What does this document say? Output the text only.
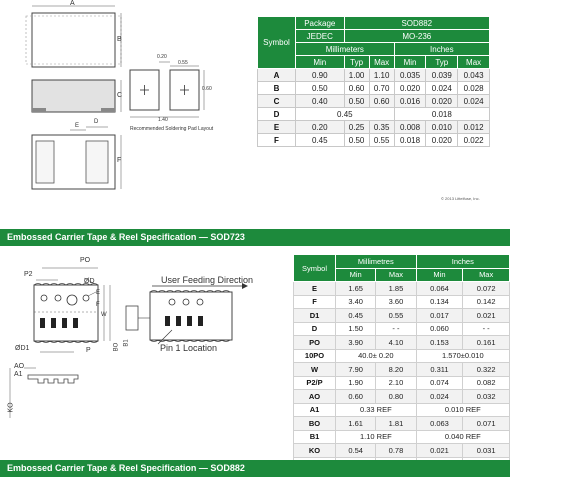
A
B
C
D
E
F
0.20
0.55
0.60
1.40
Recommended Soldering Pad Layout
© 2013 Littelfuse, Inc.
Symbol	Package	SOD882				
	JEDEC	MO-236				
	Millimeters			Inches		
	Min	Typ	Max	Min	Typ	Max
A	0.90	1.00	1.10	0.035	0.039	0.043
B	0.50	0.60	0.70	0.020	0.024	0.028
C	0.40	0.50	0.60	0.016	0.020	0.024
D	0.45			0.018		
E	0.20	0.25	0.35	0.008	0.010	0.012
F	0.45	0.50	0.55	0.018	0.020	0.022
Embossed Carrier Tape & Reel Specification — SOD723
PO
P2
ØD
E
F
W
ØD1	P
B1
BO
AO
A1
KO
User Feeding Direction
Pin 1 Location
Symbol	Millimetres		Inches	
	Min	Max	Min	Max
E	1.65	1.85	0.064	0.072
F	3.40	3.60	0.134	0.142
D1	0.45	0.55	0.017	0.021
D	1.50	- -	0.060	- -
PO	3.90	4.10	0.153	0.161
10PO	40.0± 0.20		1.570±0.010	
W	7.90	8.20	0.311	0.322
P2/P	1.90	2.10	0.074	0.082
AO	0.60	0.80	0.024	0.032
A1	0.33 REF		0.010 REF	
BO	1.61	1.81	0.063	0.071
B1	1.10 REF		0.040 REF	
KO	0.54	0.78	0.021	0.031

Embossed Carrier Tape & Reel Specification — SOD882
